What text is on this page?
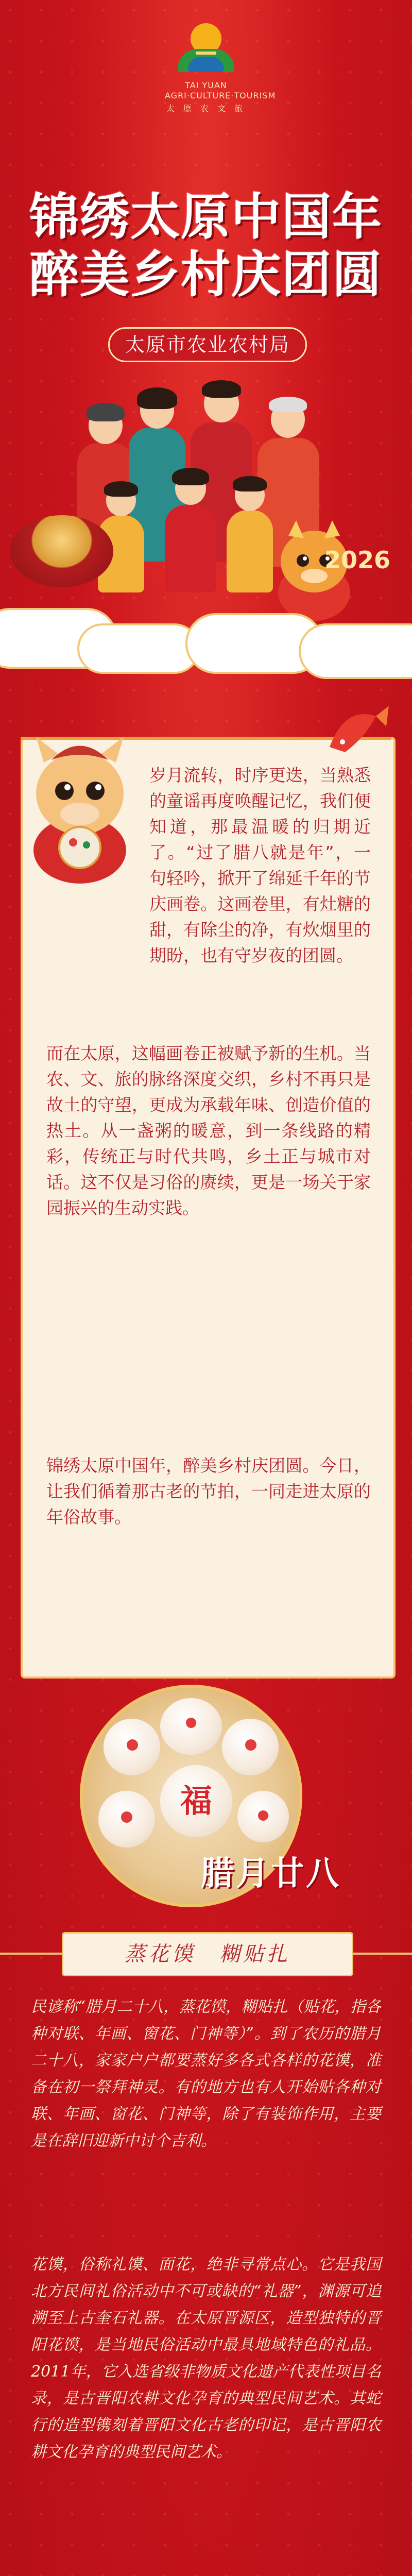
TAI YUAN AGRI·CULTURE·TOURISM
太 原 农 文 旅
锦绣太原中国年
醉美乡村庆团圆
太原市农业农村局
2026
岁月流转，时序更迭，当熟悉的童谣再度唤醒记忆，我们便知道，那最温暖的归期近了。“过了腊八就是年”，一句轻吟，掀开了绵延千年的节庆画卷。这画卷里，有灶糖的甜，有除尘的净，有炊烟里的期盼，也有守岁夜的团圆。
而在太原，这幅画卷正被赋予新的生机。当农、文、旅的脉络深度交织，乡村不再只是故土的守望，更成为承载年味、创造价值的热土。从一盏粥的暖意，到一条线路的精彩，传统正与时代共鸣，乡土正与城市对话。这不仅是习俗的赓续，更是一场关于家园振兴的生动实践。
锦绣太原中国年，醉美乡村庆团圆。今日，让我们循着那古老的节拍，一同走进太原的年俗故事。
福
腊月廿八
蒸花馍　糊贴扎
民谚称“腊月二十八，蒸花馍，糊贴扎（贴花，指各种对联、年画、窗花、门神等）”。到了农历的腊月二十八，家家户户都要蒸好多各式各样的花馍，准备在初一祭拜神灵。有的地方也有人开始贴各种对联、年画、窗花、门神等，除了有装饰作用，主要是在辞旧迎新中讨个吉利。
花馍，俗称礼馍、面花，绝非寻常点心。它是我国北方民间礼俗活动中不可或缺的“礼器”，渊源可追溯至上古奎石礼器。在太原晋源区，造型独特的晋阳花馍，是当地民俗活动中最具地域特色的礼品。2011年，它入选省级非物质文化遗产代表性项目名录，是古晋阳农耕文化孕育的典型民间艺术。其蛇行的造型镌刻着晋阳文化古老的印记，是古晋阳农耕文化孕育的典型民间艺术。
